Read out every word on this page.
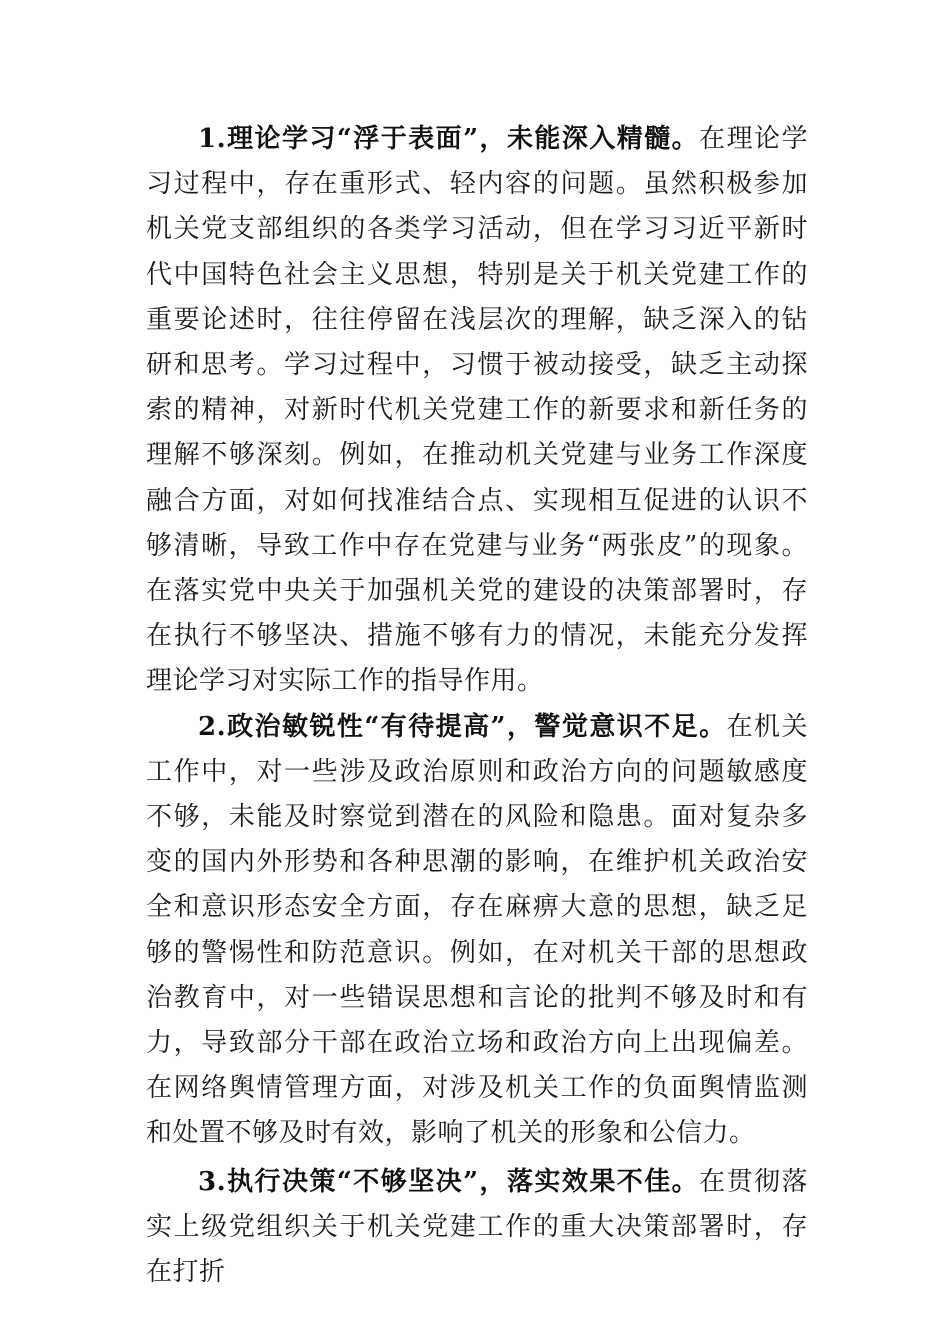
1.理论学习“浮于表面”，未能深入精髓。在理论学习过程中，存在重形式、轻内容的问题。虽然积极参加机关党支部组织的各类学习活动，但在学习习近平新时代中国特色社会主义思想，特别是关于机关党建工作的重要论述时，往往停留在浅层次的理解，缺乏深入的钻研和思考。学习过程中，习惯于被动接受，缺乏主动探索的精神，对新时代机关党建工作的新要求和新任务的理解不够深刻。例如，在推动机关党建与业务工作深度融合方面，对如何找准结合点、实现相互促进的认识不够清晰，导致工作中存在党建与业务“两张皮”的现象。在落实党中央关于加强机关党的建设的决策部署时，存在执行不够坚决、措施不够有力的情况，未能充分发挥理论学习对实际工作的指导作用。

2.政治敏锐性“有待提高”，警觉意识不足。在机关工作中，对一些涉及政治原则和政治方向的问题敏感度不够，未能及时察觉到潜在的风险和隐患。面对复杂多变的国内外形势和各种思潮的影响，在维护机关政治安全和意识形态安全方面，存在麻痹大意的思想，缺乏足够的警惕性和防范意识。例如，在对机关干部的思想政治教育中，对一些错误思想和言论的批判不够及时和有力，导致部分干部在政治立场和政治方向上出现偏差。在网络舆情管理方面，对涉及机关工作的负面舆情监测和处置不够及时有效，影响了机关的形象和公信力。

3.执行决策“不够坚决”，落实效果不佳。在贯彻落实上级党组织关于机关党建工作的重大决策部署时，存在打折
